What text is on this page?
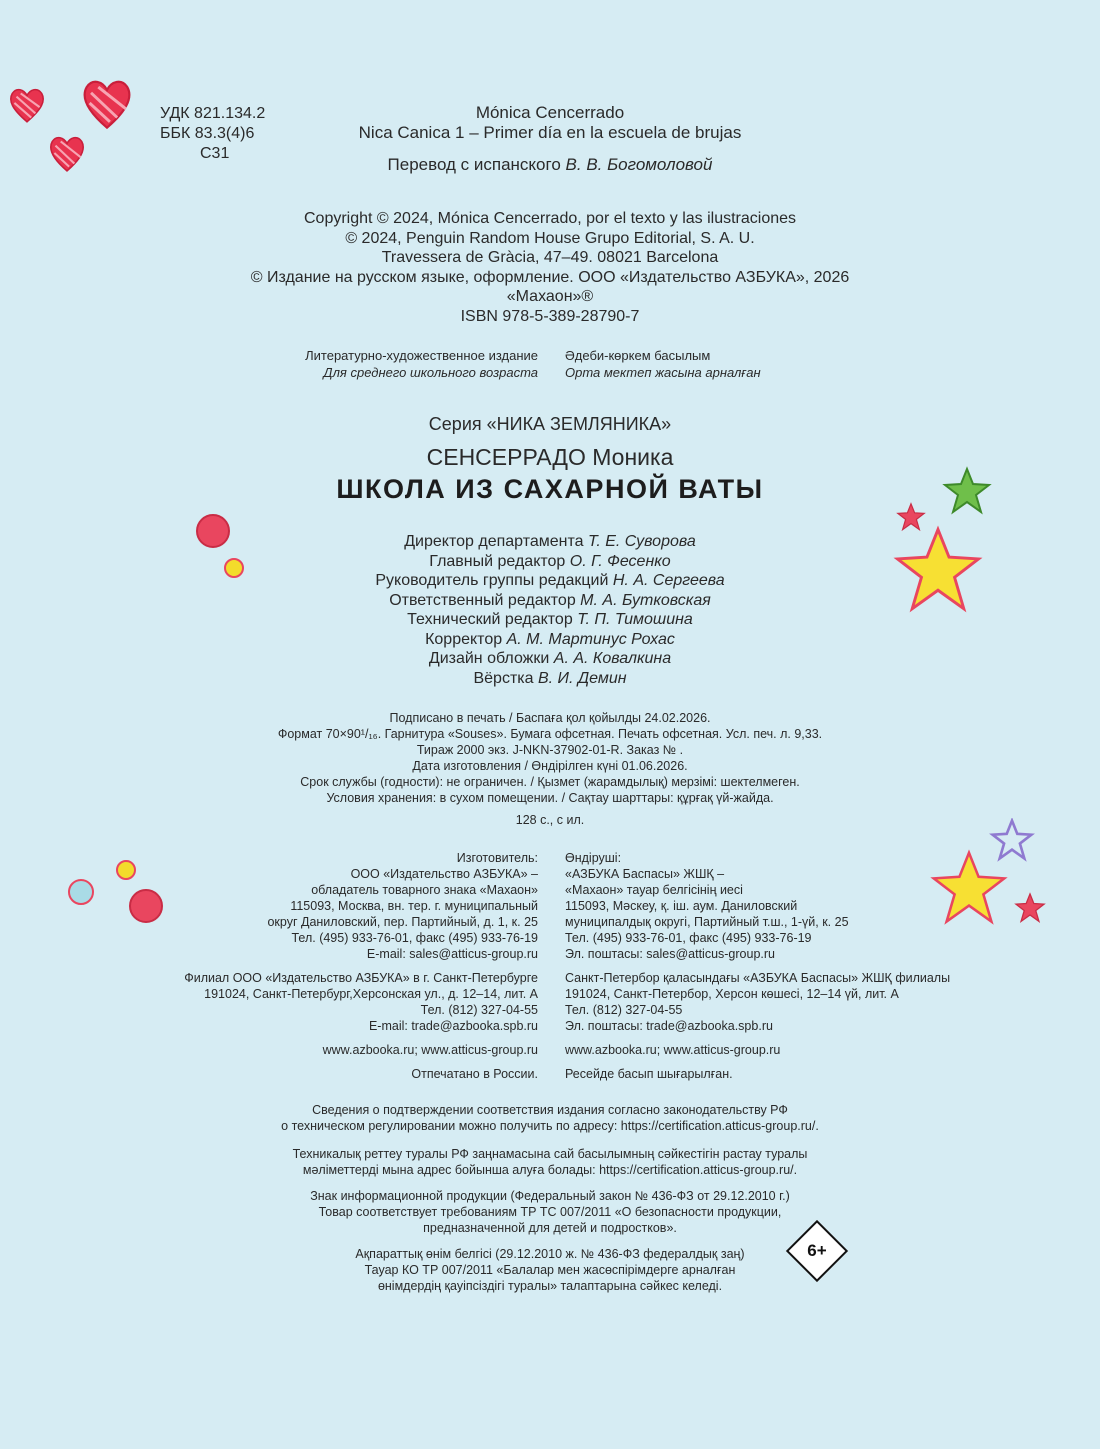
УДК 821.134.2
ББК 83.3(4)6
С31
Mónica Cencerrado
Nica Canica 1 – Primer día en la escuela de brujas
Перевод с испанского В. В. Богомоловой
Copyright © 2024, Mónica Cencerrado, por el texto y las ilustraciones
© 2024, Penguin Random House Grupo Editorial, S. A. U.
Travessera de Gràcia, 47–49. 08021 Barcelona
© Издание на русском языке, оформление. ООО «Издательство АЗБУКА», 2026
«Махаон»®
ISBN 978-5-389-28790-7
Литературно-художественное издание
Для среднего школьного возраста
Әдеби-көркем басылым
Орта мектеп жасына арналған
Серия «НИКА ЗЕМЛЯНИКА»
СЕНСЕРРАДО Моника
ШКОЛА ИЗ САХАРНОЙ ВАТЫ
Директор департамента Т. Е. Суворова
Главный редактор О. Г. Фесенко
Руководитель группы редакций Н. А. Сергеева
Ответственный редактор М. А. Бутковская
Технический редактор Т. П. Тимошина
Корректор А. М. Мартинус Рохас
Дизайн обложки А. А. Ковалкина
Вёрстка В. И. Демин
Подписано в печать / Баспаға қол қойылды 24.02.2026.
Формат 70×90¹/₁₆. Гарнитура «Souses». Бумага офсетная. Печать офсетная. Усл. печ. л. 9,33.
Тираж 2000 экз. J-NKN-37902-01-R. Заказ № .
Дата изготовления / Өндірілген күні 01.06.2026.
Срок службы (годности): не ограничен. / Қызмет (жарамдылық) мерзімі: шектелмеген.
Условия хранения: в сухом помещении. / Сақтау шарттары: құрғақ үй-жайда.
128 с., с ил.
Изготовитель:
ООО «Издательство АЗБУКА» –
обладатель товарного знака «Махаон»
115093, Москва, вн. тер. г. муниципальный
округ Даниловский, пер. Партийный, д. 1, к. 25
Тел. (495) 933-76-01, факс (495) 933-76-19
E-mail: sales@atticus-group.ru
Өндіруші:
«АЗБУКА Баспасы» ЖШҚ –
«Махаон» тауар белгісінің иесі
115093, Мәскеу, қ. іш. аум. Даниловский
муниципалдық округі, Партийный т.ш., 1-үй, к. 25
Тел. (495) 933-76-01, факс (495) 933-76-19
Эл. поштасы: sales@atticus-group.ru
Филиал ООО «Издательство АЗБУКА» в г. Санкт-Петербурге
191024, Санкт-Петербург,Херсонская ул., д. 12–14, лит. А
Тел. (812) 327-04-55
E-mail: trade@azbooka.spb.ru
www.azbooka.ru; www.atticus-group.ru
Отпечатано в России.
Санкт-Петербор қаласындағы «АЗБУКА Баспасы» ЖШҚ филиалы
191024, Санкт-Петербор, Херсон көшесі, 12–14 үй, лит. А
Тел. (812) 327-04-55
Эл. поштасы: trade@azbooka.spb.ru
www.azbooka.ru; www.atticus-group.ru
Ресейде басып шығарылған.
Сведения о подтверждении соответствия издания согласно законодательству РФ
о техническом регулировании можно получить по адресу: https://certification.atticus-group.ru/.
Техникалық реттеу туралы РФ заңнамасына сай басылымның сәйкестігін растау туралы
мәліметтерді мына адрес бойынша алуға болады: https://certification.atticus-group.ru/.
Знак информационной продукции (Федеральный закон № 436-ФЗ от 29.12.2010 г.)
Товар соответствует требованиям ТР ТС 007/2011 «О безопасности продукции,
предназначенной для детей и подростков».
Ақпараттық өнім белгісі (29.12.2010 ж. № 436-ФЗ федералдық заң)
Тауар КО ТР 007/2011 «Балалар мен жасөспірімдерге арналған
өнімдердің қауіпсіздігі туралы» талаптарына сәйкес келеді.
6+
